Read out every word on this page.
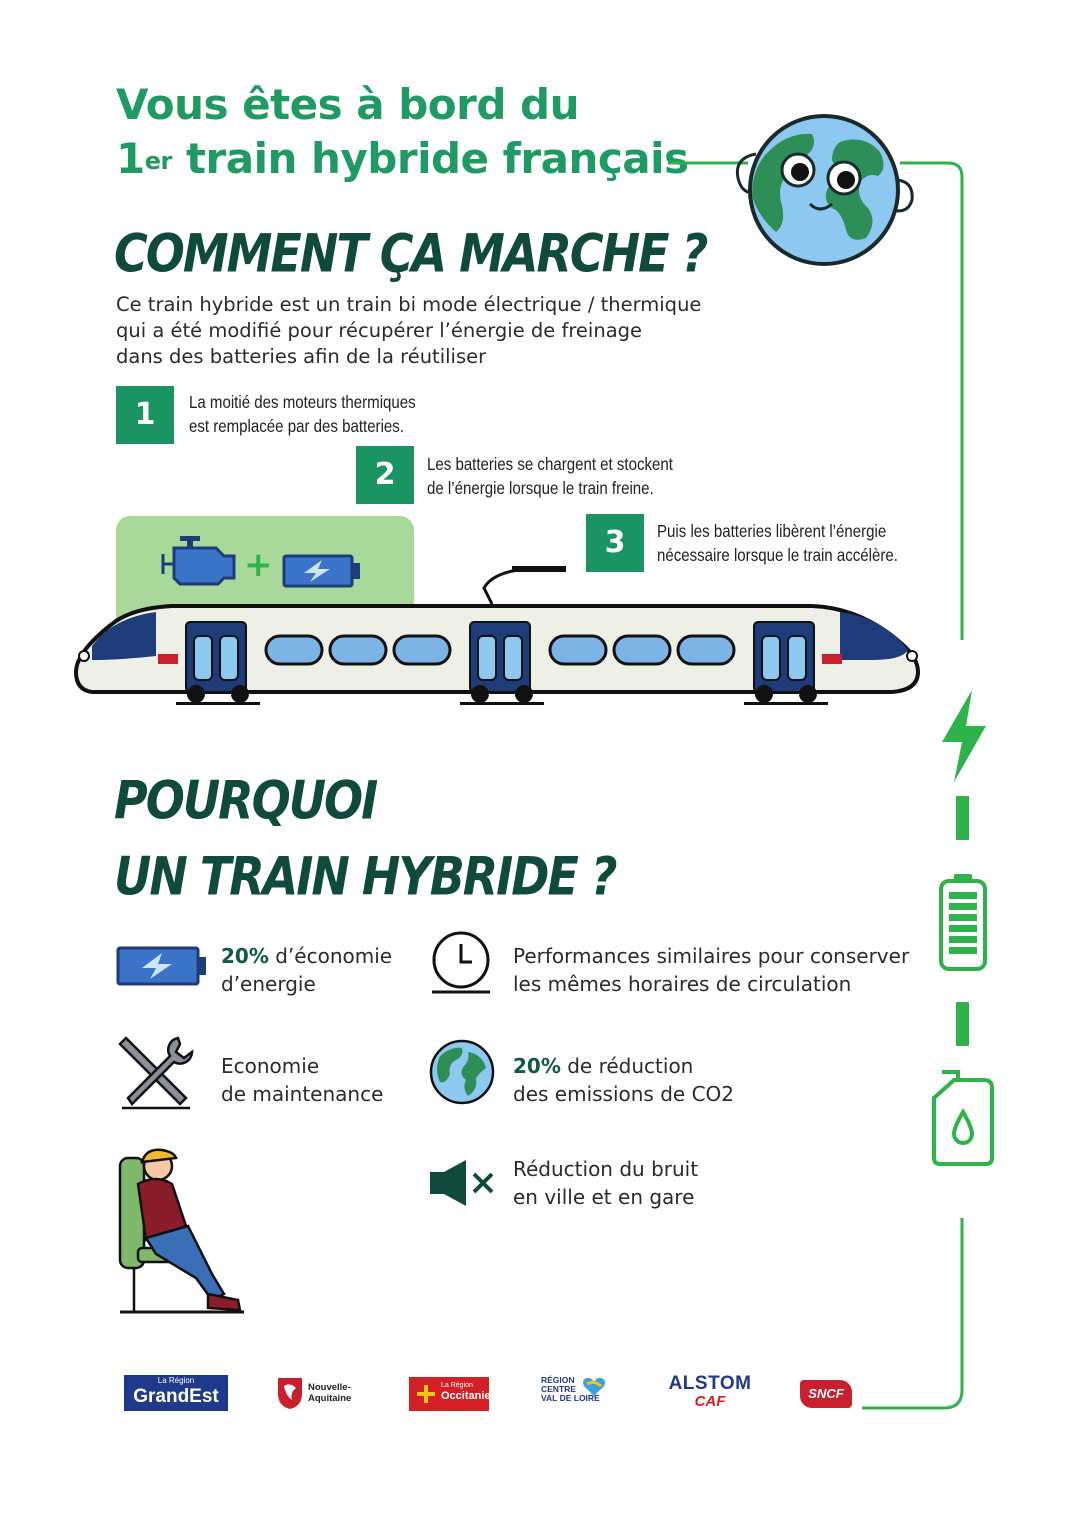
Vous êtes à bord du
1er train hybride français
COMMENT ÇA MARCHE ?
Ce train hybride est un train bi mode électrique / thermique
qui a été modifié pour récupérer l’énergie de freinage
dans des batteries afin de la réutiliser
1	La moitié des moteurs thermiques
est remplacée par des batteries.
2	Les batteries se chargent et stockent
de l’énergie lorsque le train freine.
3	Puis les batteries libèrent l’énergie
nécessaire lorsque le train accélère.
+
POURQUOI
UN TRAIN HYBRIDE ?
20% d’économie
d’energie
Performances similaires pour conserver
les mêmes horaires de circulation
Economie
de maintenance
20% de réduction
des emissions de CO2
Réduction du bruit
en ville et en gare
La Région
GrandEst	Nouvelle-Aquitaine
La Région
Occitanie
RÉGION
CENTRE
VAL DE LOIRE
ALSTOM
CAF	SNCF
